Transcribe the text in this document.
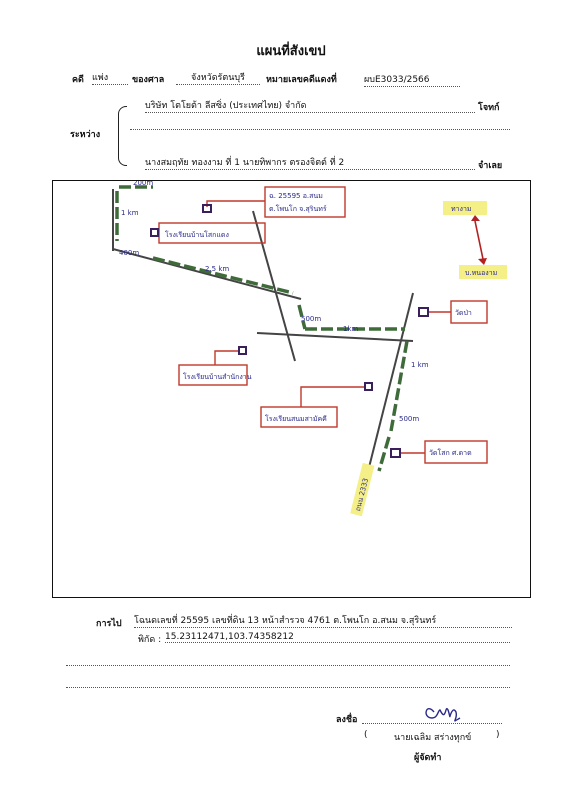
แผนที่สังเขป
คดี แพ่ง	ของศาล	จังหวัดรัตนบุรี	หมายเลขคดีแดงที่	ผบE3033/2566
ระหว่าง
บริษัท โตโยต้า ลีสซิ่ง (ประเทศไทย) จำกัด	โจทก์
นางสมฤทัย ทองงาม ที่ 1 นายทิพากร ตรองจิตต์ ที่ 2	จำเลย
200m
1 km
400m
2.5 km
500m
1km
1 km
500m
ฉ. 25595 อ.สนม
ต.โพนโก จ.สุรินทร์
โรงเรียนบ้านโสกแดง
โรงเรียนบ้านสำนักงาน
โรงเรียนสนมสามัคคี
วัดป่า
วัดโสก ศ.ดาด
ถนน 2333
ทางาม
บ.หนองาม
การไป โฉนดเลขที่ 25595 เลขที่ดิน 13 หน้าสำรวจ 4761 ต.โพนโก อ.สนม จ.สุรินทร์
พิกัด : 15.23112471,103.74358212
ลงชื่อ
(	นายเฉลิม สร่างทุกข์	)
ผู้จัดทำ
